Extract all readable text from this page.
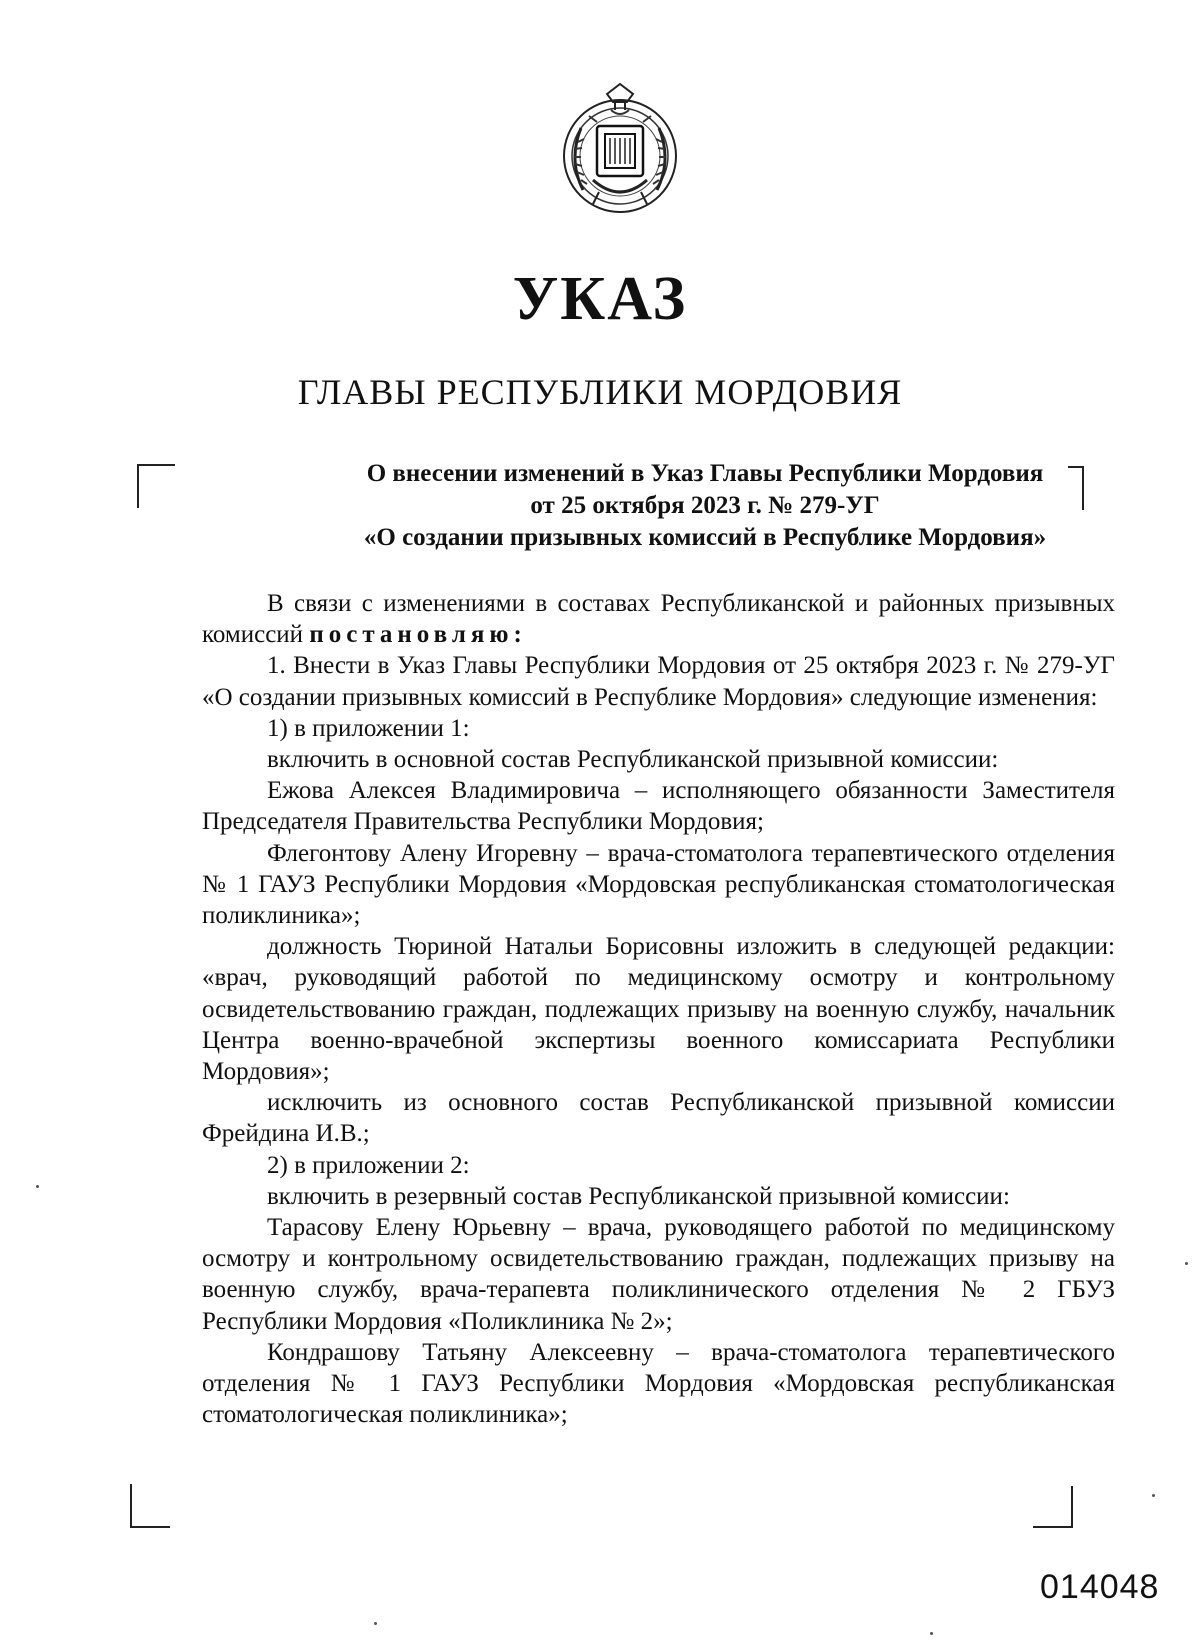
УКАЗ
ГЛАВЫ РЕСПУБЛИКИ МОРДОВИЯ
О внесении изменений в Указ Главы Республики Мордовия
от 25 октября 2023 г. № 279-УГ
«О создании призывных комиссий в Республике Мордовия»

В связи с изменениями в составах Республиканской и районных призывных комиссий постановляю:

1. Внести в Указ Главы Республики Мордовия от 25 октября 2023 г. № 279-УГ «О создании призывных комиссий в Республике Мордовия» следующие изменения:

1) в приложении 1:

включить в основной состав Республиканской призывной комиссии:

Ежова Алексея Владимировича – исполняющего обязанности Заместителя Председателя Правительства Республики Мордовия;

Флегонтову Алену Игоревну – врача-стоматолога терапевтического отделения № 1 ГАУЗ Республики Мордовия «Мордовская республиканская стоматологическая поликлиника»;

должность Тюриной Натальи Борисовны изложить в следующей редакции: «врач, руководящий работой по медицинскому осмотру и контрольному освидетельствованию граждан, подлежащих призыву на военную службу, начальник Центра военно-врачебной экспертизы военного комиссариата Республики Мордовия»;

исключить из основного состав Республиканской призывной комиссии Фрейдина И.В.;

2) в приложении 2:

включить в резервный состав Республиканской призывной комиссии:

Тарасову Елену Юрьевну – врача, руководящего работой по медицинскому осмотру и контрольному освидетельствованию граждан, подлежащих призыву на военную службу, врача-терапевта поликлинического отделения № 2 ГБУЗ Республики Мордовия «Поликлиника № 2»;

Кондрашову Татьяну Алексеевну – врача-стоматолога терапевтического отделения № 1 ГАУЗ Республики Мордовия «Мордовская республиканская стоматологическая поликлиника»;

014048
